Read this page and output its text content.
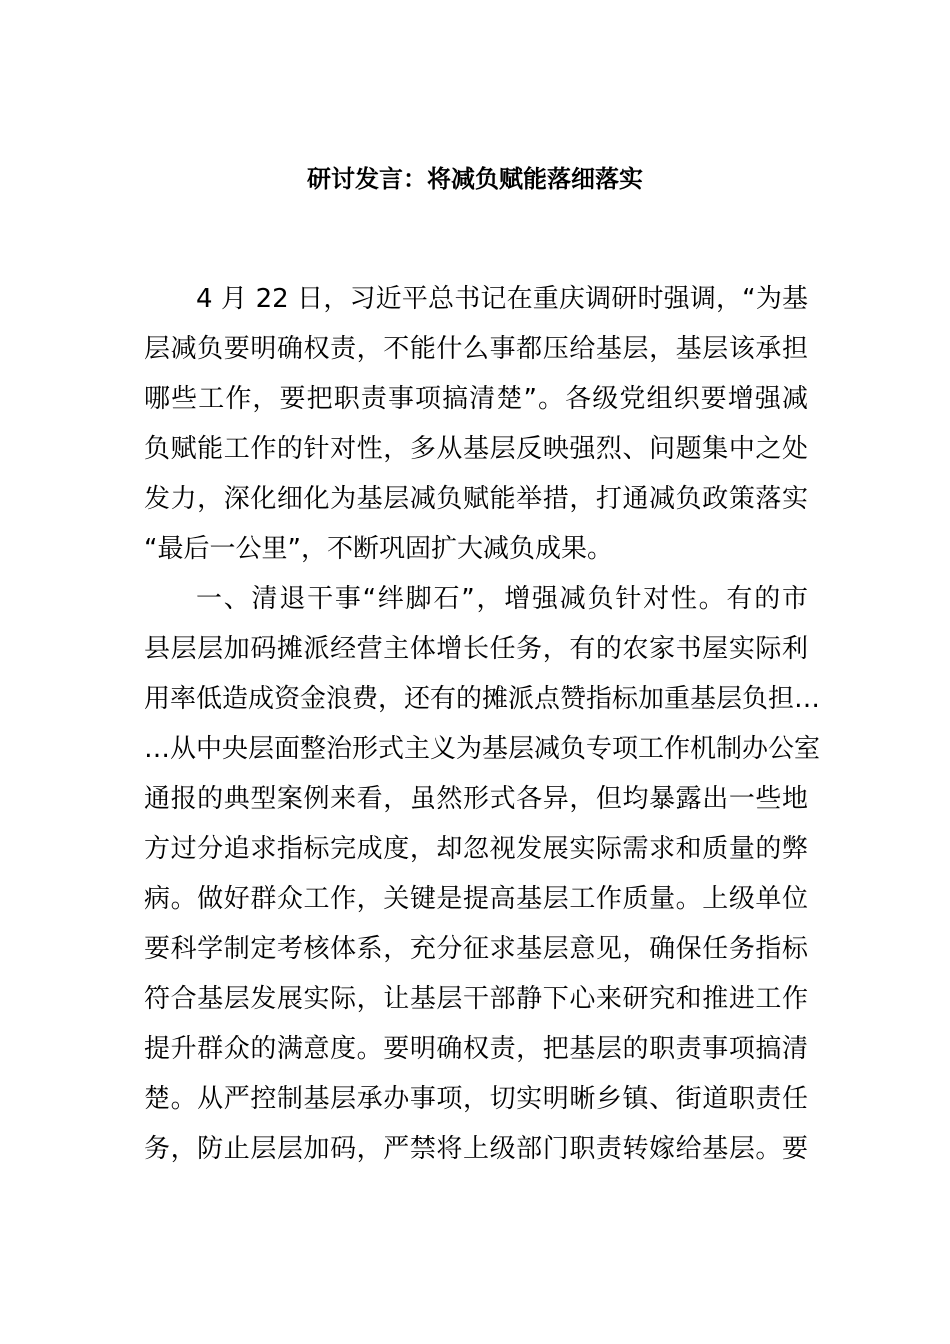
研讨发言：将减负赋能落细落实
4 月 22 日，习近平总书记在重庆调研时强调，“为基
层减负要明确权责，不能什么事都压给基层，基层该承担
哪些工作，要把职责事项搞清楚”。各级党组织要增强减
负赋能工作的针对性，多从基层反映强烈、问题集中之处
发力，深化细化为基层减负赋能举措，打通减负政策落实
“最后一公里”，不断巩固扩大减负成果。
一、清退干事“绊脚石”，增强减负针对性。有的市
县层层加码摊派经营主体增长任务，有的农家书屋实际利
用率低造成资金浪费，还有的摊派点赞指标加重基层负担…
…从中央层面整治形式主义为基层减负专项工作机制办公室
通报的典型案例来看，虽然形式各异，但均暴露出一些地
方过分追求指标完成度，却忽视发展实际需求和质量的弊
病。做好群众工作，关键是提高基层工作质量。上级单位
要科学制定考核体系，充分征求基层意见，确保任务指标
符合基层发展实际，让基层干部静下心来研究和推进工作
提升群众的满意度。要明确权责，把基层的职责事项搞清
楚。从严控制基层承办事项，切实明晰乡镇、街道职责任
务，防止层层加码，严禁将上级部门职责转嫁给基层。要
